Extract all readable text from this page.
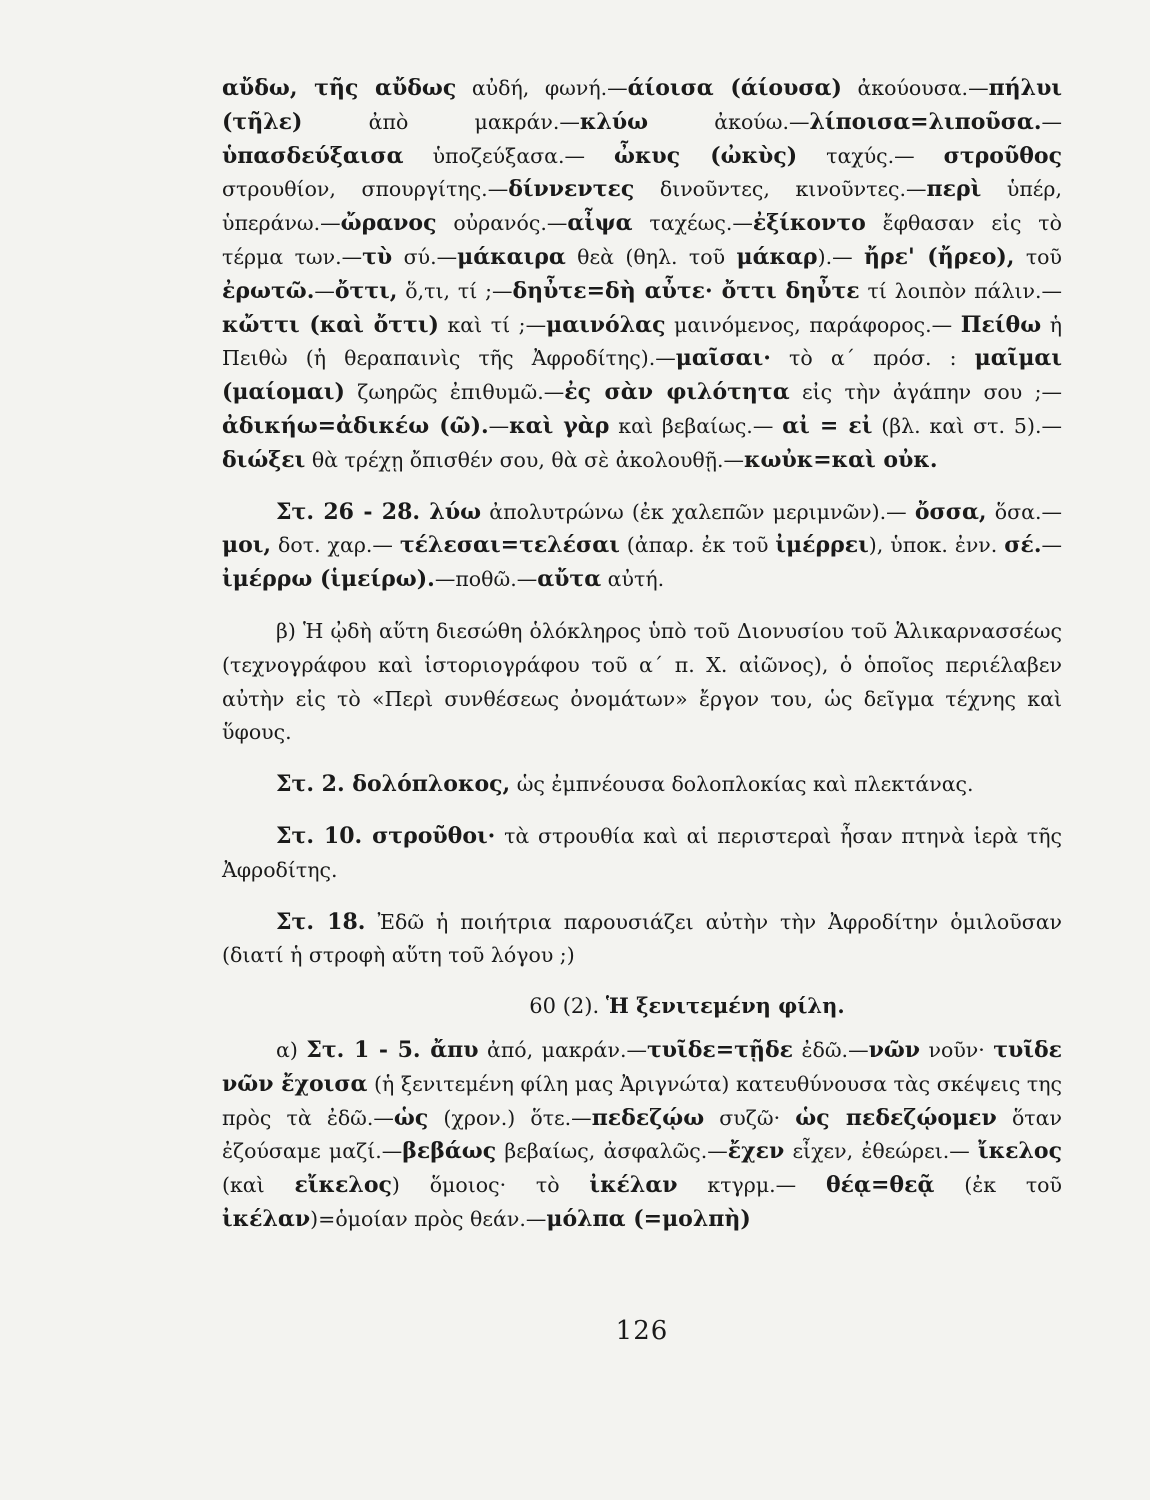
αὔδω, τῆς αὔδως αὐδή, φωνή.—άίοισα (άίουσα) ἀκούουσα.—πήλυι (τῆλε) ἀπὸ μακράν.—κλύω ἀκούω.—λίποισα=λιποῦσα.— ὑπασδεύξαισα ὑποζεύξασα.— ὦκυς (ὠκὺς) ταχύς.— στροῦθος στρουθίον, σπουργίτης.—δίννεντες δινοῦντες, κινοῦντες.—περὶ ὑπέρ, ὑπεράνω.—ὤρανος οὐρανός.—αἶψα ταχέως.—ἐξίκοντο ἔφθασαν εἰς τὸ τέρμα των.—τὺ σύ.—μάκαιρα θεὰ (θηλ. τοῦ μάκαρ).— ἤρε' (ἤρεο), τοῦ ἐρωτῶ.—ὄττι, ὅ,τι, τί ;—δηὖτε=δὴ αὖτε· ὄττι δηὖτε τί λοιπὸν πάλιν.—κὤττι (καὶ ὄττι) καὶ τί ;—μαινόλας μαινόμενος, παράφορος.— Πείθω ἡ Πειθὼ (ἡ θεραπαινὶς τῆς Ἀφροδίτης).—μαῖσαι· τὸ α΄ πρόσ. : μαῖμαι (μαίομαι) ζωηρῶς ἐπιθυμῶ.—ἐς σὰν φιλότητα εἰς τὴν ἀγάπην σου ;—ἀδικήω=ἀδικέω (ῶ).—καὶ γὰρ καὶ βεβαίως.— αἰ = εἰ (βλ. καὶ στ. 5).—διώξει θὰ τρέχῃ ὄπισθέν σου, θὰ σὲ ἀκολουθῇ.—κωὐκ=καὶ οὐκ.

Στ. 26 - 28. λύω ἀπολυτρώνω (ἐκ χαλεπῶν μεριμνῶν).— ὄσσα, ὅσα.—μοι, δοτ. χαρ.— τέλεσαι=τελέσαι (ἀπαρ. ἐκ τοῦ ἰμέρρει), ὑποκ. ἐνν. σέ.—ἰμέρρω (ἱμείρω).—ποθῶ.—αὔτα αὐτή.

β) Ἡ ᾠδὴ αὕτη διεσώθη ὁλόκληρος ὑπὸ τοῦ Διονυσίου τοῦ Ἁλικαρνασσέως (τεχνογράφου καὶ ἱστοριογράφου τοῦ α΄ π. Χ. αἰῶνος), ὁ ὁποῖος περιέλαβεν αὐτὴν εἰς τὸ «Περὶ συνθέσεως ὀνομάτων» ἔργον του, ὡς δεῖγμα τέχνης καὶ ὕφους.

Στ. 2. δολόπλοκος, ὡς ἐμπνέουσα δολοπλοκίας καὶ πλεκτάνας.

Στ. 10. στροῦθοι· τὰ στρουθία καὶ αἱ περιστεραὶ ἦσαν πτηνὰ ἱερὰ τῆς Ἀφροδίτης.

Στ. 18. Ἐδῶ ἡ ποιήτρια παρουσιάζει αὐτὴν τὴν Ἀφροδίτην ὁμιλοῦσαν (διατί ἡ στροφὴ αὕτη τοῦ λόγου ;)

60 (2). Ἡ ξενιτεμένη φίλη.

α) Στ. 1 - 5. ἄπυ ἀπό, μακράν.—τυῖδε=τῇδε ἐδῶ.—νῶν νοῦν· τυῖδε νῶν ἔχοισα (ἡ ξενιτεμένη φίλη μας Ἀριγνώτα) κατευθύνουσα τὰς σκέψεις της πρὸς τὰ ἐδῶ.—ὡς (χρον.) ὅτε.—πεδεζῴω συζῶ· ὡς πεδεζῴομεν ὅταν ἐζούσαμε μαζί.—βεβάως βεβαίως, ἀσφαλῶς.—ἔχεν εἶχεν, ἐθεώρει.— ἴκελος (καὶ εἴκελος) ὅμοιος· τὸ ἰκέλαν κτγρμ.— θέᾳ=θεᾷ (ἐκ τοῦ ἰκέλαν)=ὁμοίαν πρὸς θεάν.—μόλπα (=μολπὴ)

126
